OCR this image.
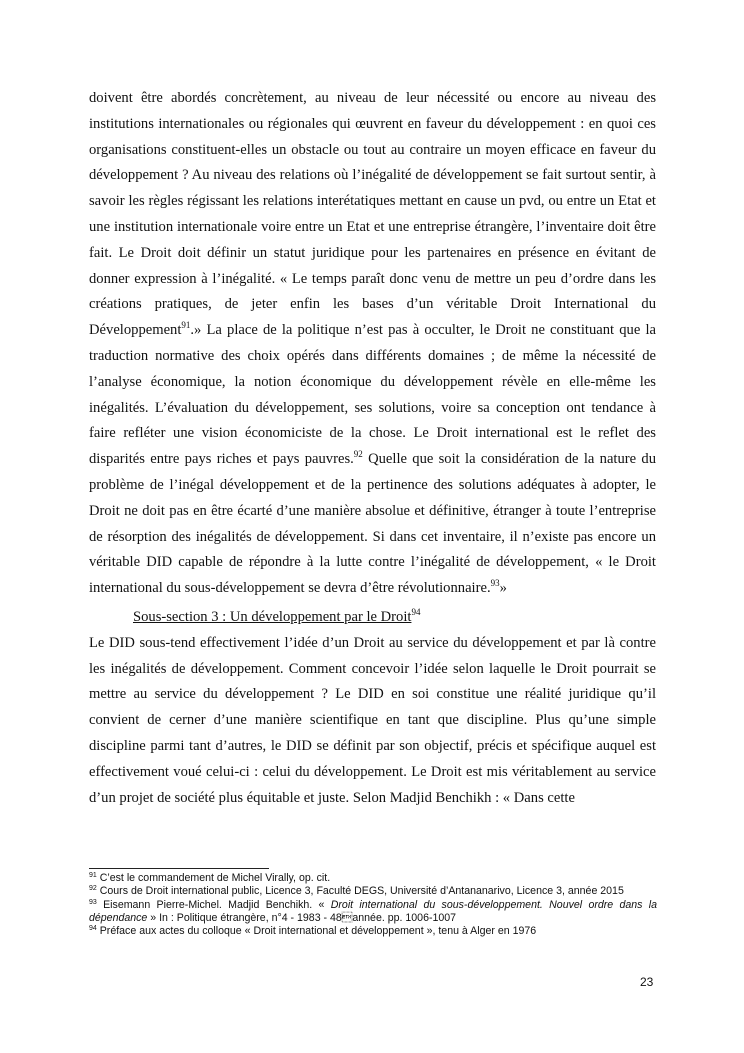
doivent être abordés concrètement, au niveau de leur nécessité ou encore au niveau des institutions internationales ou régionales qui œuvrent en faveur du développement : en quoi ces organisations constituent-elles un obstacle ou tout au contraire un moyen efficace en faveur du développement ? Au niveau des relations où l’inégalité de développement se fait surtout sentir, à savoir les règles régissant les relations interétatiques mettant en cause un pvd, ou entre un Etat et une institution internationale voire entre un Etat et une entreprise étrangère, l’inventaire doit être fait. Le Droit doit définir un statut juridique pour les partenaires en présence en évitant de donner expression à l’inégalité. « Le temps paraît donc venu de mettre un peu d’ordre dans les créations pratiques, de jeter enfin les bases d’un véritable Droit International du Développement$^{91}$.» La place de la politique n’est pas à occulter, le Droit ne constituant que la traduction normative des choix opérés dans différents domaines ; de même la nécessité de l’analyse économique, la notion économique du développement révèle en elle-même les inégalités. L’évaluation du développement, ses solutions, voire sa conception ont tendance à faire refléter une vision économiciste de la chose. Le Droit international est le reflet des disparités entre pays riches et pays pauvres.$^{92}$ Quelle que soit la considération de la nature du problème de l’inégal développement et de la pertinence des solutions adéquates à adopter, le Droit ne doit pas en être écarté d’une manière absolue et définitive, étranger à toute l’entreprise de résorption des inégalités de développement. Si dans cet inventaire, il n’existe pas encore un véritable DID capable de répondre à la lutte contre l’inégalité de développement, « le Droit international du sous-développement se devra d’être révolutionnaire.$^{93}$»

Sous-section 3 : Un développement par le Droit$^{94}$

Le DID sous-tend effectivement l’idée d’un Droit au service du développement et par là contre les inégalités de développement. Comment concevoir l’idée selon laquelle le Droit pourrait se mettre au service du développement ? Le DID en soi constitue une réalité juridique qu’il convient de cerner d’une manière scientifique en tant que discipline. Plus qu’une simple discipline parmi tant d’autres, le DID se définit par son objectif, précis et spécifique auquel est effectivement voué celui-ci : celui du développement. Le Droit est mis véritablement au service d’un projet de société plus équitable et juste. Selon Madjid Benchikh : « Dans cette

$^{91}$ C’est le commandement de Michel Virally, op. cit.

$^{92}$ Cours de Droit international public, Licence 3, Faculté DEGS, Université d’Antananarivo, Licence 3, année 2015

$^{93}$ Eisemann Pierre-Michel. Madjid Benchikh. « Droit international du sous-développement. Nouvel ordre dans la dépendance » In : Politique étrangère, n°4 - 1983 - 48année. pp. 1006-1007

$^{94}$ Préface aux actes du colloque « Droit international et développement », tenu à Alger en 1976

23
